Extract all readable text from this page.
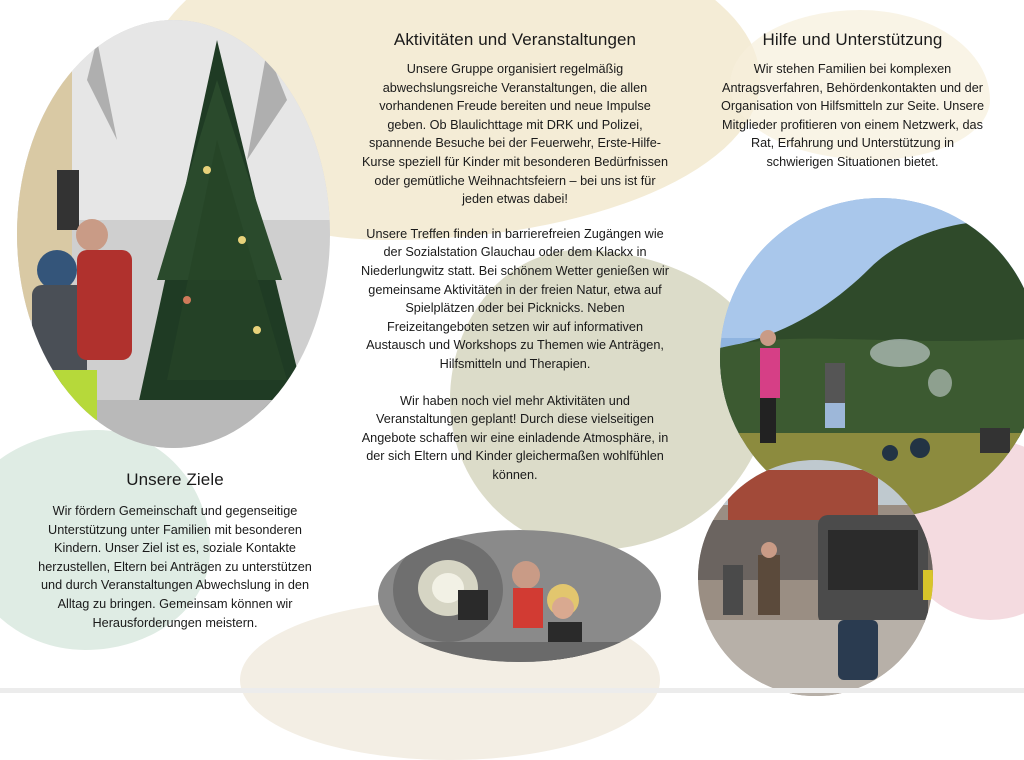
Aktivitäten und Veranstaltungen

Unsere Gruppe organisiert regelmäßig abwechslungsreiche Veranstaltungen, die allen vorhandenen Freude bereiten und neue Impulse geben. Ob Blaulichttage mit DRK und Polizei, spannende Besuche bei der Feuerwehr, Erste-Hilfe-Kurse speziell für Kinder mit besonderen Bedürfnissen oder gemütliche Weihnachtsfeiern – bei uns ist für jeden etwas dabei!

Unsere Treffen finden in barrierefreien Zugängen wie der Sozialstation Glauchau oder dem Klackx in Niederlungwitz statt. Bei schönem Wetter genießen wir gemeinsame Aktivitäten in der freien Natur, etwa auf Spielplätzen oder bei Picknicks. Neben Freizeitangeboten setzen wir auf informativen Austausch und Workshops zu Themen wie Anträgen, Hilfsmitteln und Therapien.

Wir haben noch viel mehr Aktivitäten und Veranstaltungen geplant! Durch diese vielseitigen Angebote schaffen wir eine einladende Atmosphäre, in der sich Eltern und Kinder gleichermaßen wohlfühlen können.

Hilfe und Unterstützung

Wir stehen Familien bei komplexen Antragsverfahren, Behördenkontakten und der Organisation von Hilfsmitteln zur Seite. Unsere Mitglieder profitieren von einem Netzwerk, das Rat, Erfahrung und Unterstützung in schwierigen Situationen bietet.

Unsere Ziele

Wir fördern Gemeinschaft und gegenseitige Unterstützung unter Familien mit besonderen Kindern. Unser Ziel ist es, soziale Kontakte herzustellen, Eltern bei Anträgen zu unterstützen und durch Veranstaltungen Abwechslung in den Alltag zu bringen. Gemeinsam können wir Herausforderungen meistern.
